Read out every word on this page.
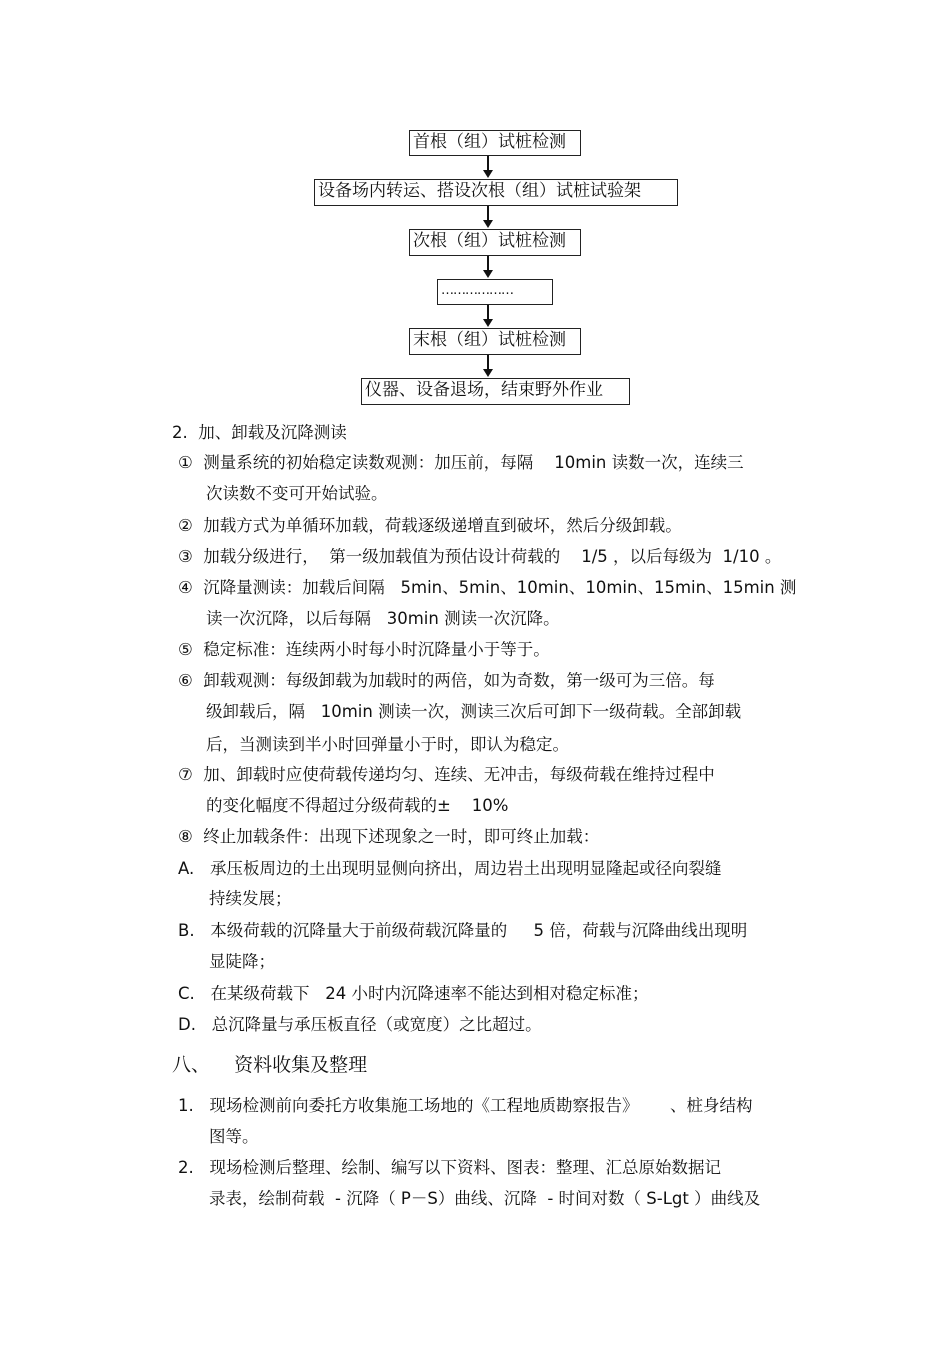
首根（组）试桩检测
设备场内转运、搭设次根（组）试桩试验架
次根（组）试桩检测
………………
末根（组）试桩检测
仪器、设备退场，结束野外作业
2.  加、卸载及沉降测读
①  测量系统的初始稳定读数观测：加压前，每隔    10min 读数一次，连续三
次读数不变可开始试验。
②  加载方式为单循环加载，荷载逐级递增直到破坏，然后分级卸载。
③  加载分级进行，  第一级加载值为预估设计荷载的    1/5 ，以后每级为  1/10 。
④  沉降量测读：加载后间隔   5min、5min、10min、10min、15min、15min 测
读一次沉降，以后每隔   30min 测读一次沉降。
⑤  稳定标准：连续两小时每小时沉降量小于等于。
⑥  卸载观测：每级卸载为加载时的两倍，如为奇数，第一级可为三倍。每
级卸载后，隔   10min 测读一次，测读三次后可卸下一级荷载。全部卸载
后，当测读到半小时回弹量小于时，即认为稳定。
⑦  加、卸载时应使荷载传递均匀、连续、无冲击，每级荷载在维持过程中
的变化幅度不得超过分级荷载的±    10%
⑧  终止加载条件：出现下述现象之一时，即可终止加载：
A.   承压板周边的土出现明显侧向挤出，周边岩土出现明显隆起或径向裂缝
持续发展；
B.   本级荷载的沉降量大于前级荷载沉降量的     5 倍，荷载与沉降曲线出现明
显陡降；
C.   在某级荷载下   24 小时内沉降速率不能达到相对稳定标准；
D.   总沉降量与承压板直径（或宽度）之比超过。
八、    资料收集及整理
1.   现场检测前向委托方收集施工场地的《工程地质勘察报告》      、桩身结构
图等。
2.   现场检测后整理、绘制、编写以下资料、图表：整理、汇总原始数据记
录表，绘制荷载  - 沉降（ P－S）曲线、沉降  - 时间对数（ S-Lgt ）曲线及
